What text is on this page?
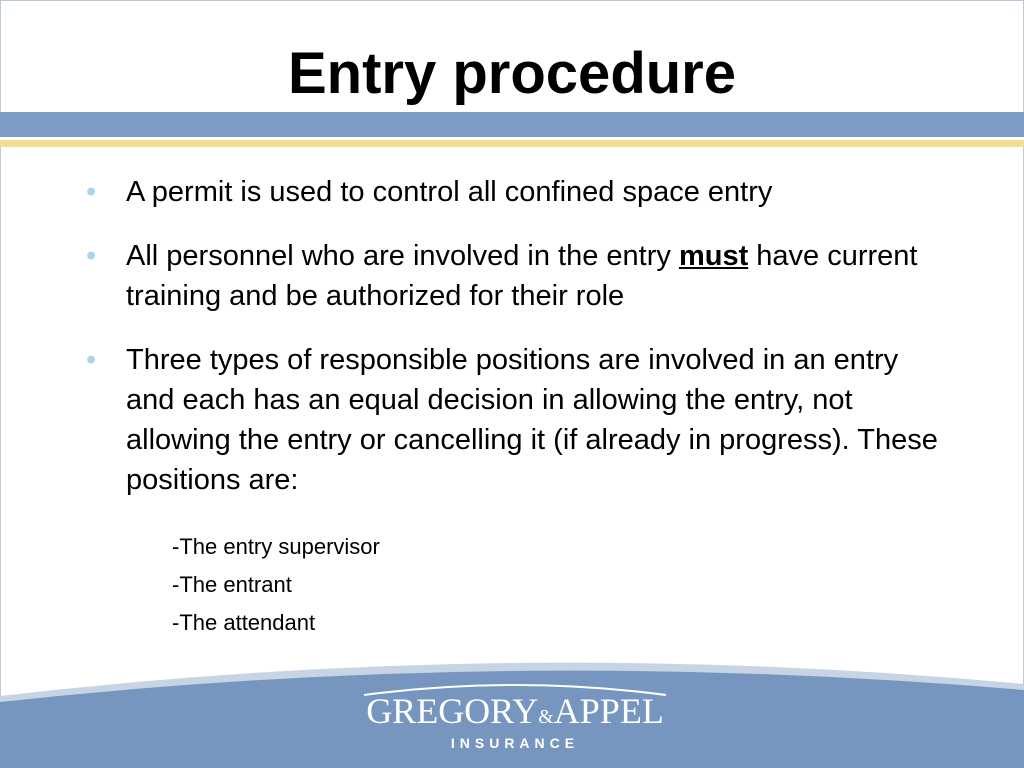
Entry procedure
• A permit is used to control all confined space entry
• All personnel who are involved in the entry must have current training and be authorized for their role
• Three types of responsible positions are involved in an entry and each has an equal decision in allowing the entry, not allowing the entry or cancelling it (if already in progress). These positions are:
-The entry supervisor
-The entrant
-The attendant
GREGORY&APPEL
INSURANCE
